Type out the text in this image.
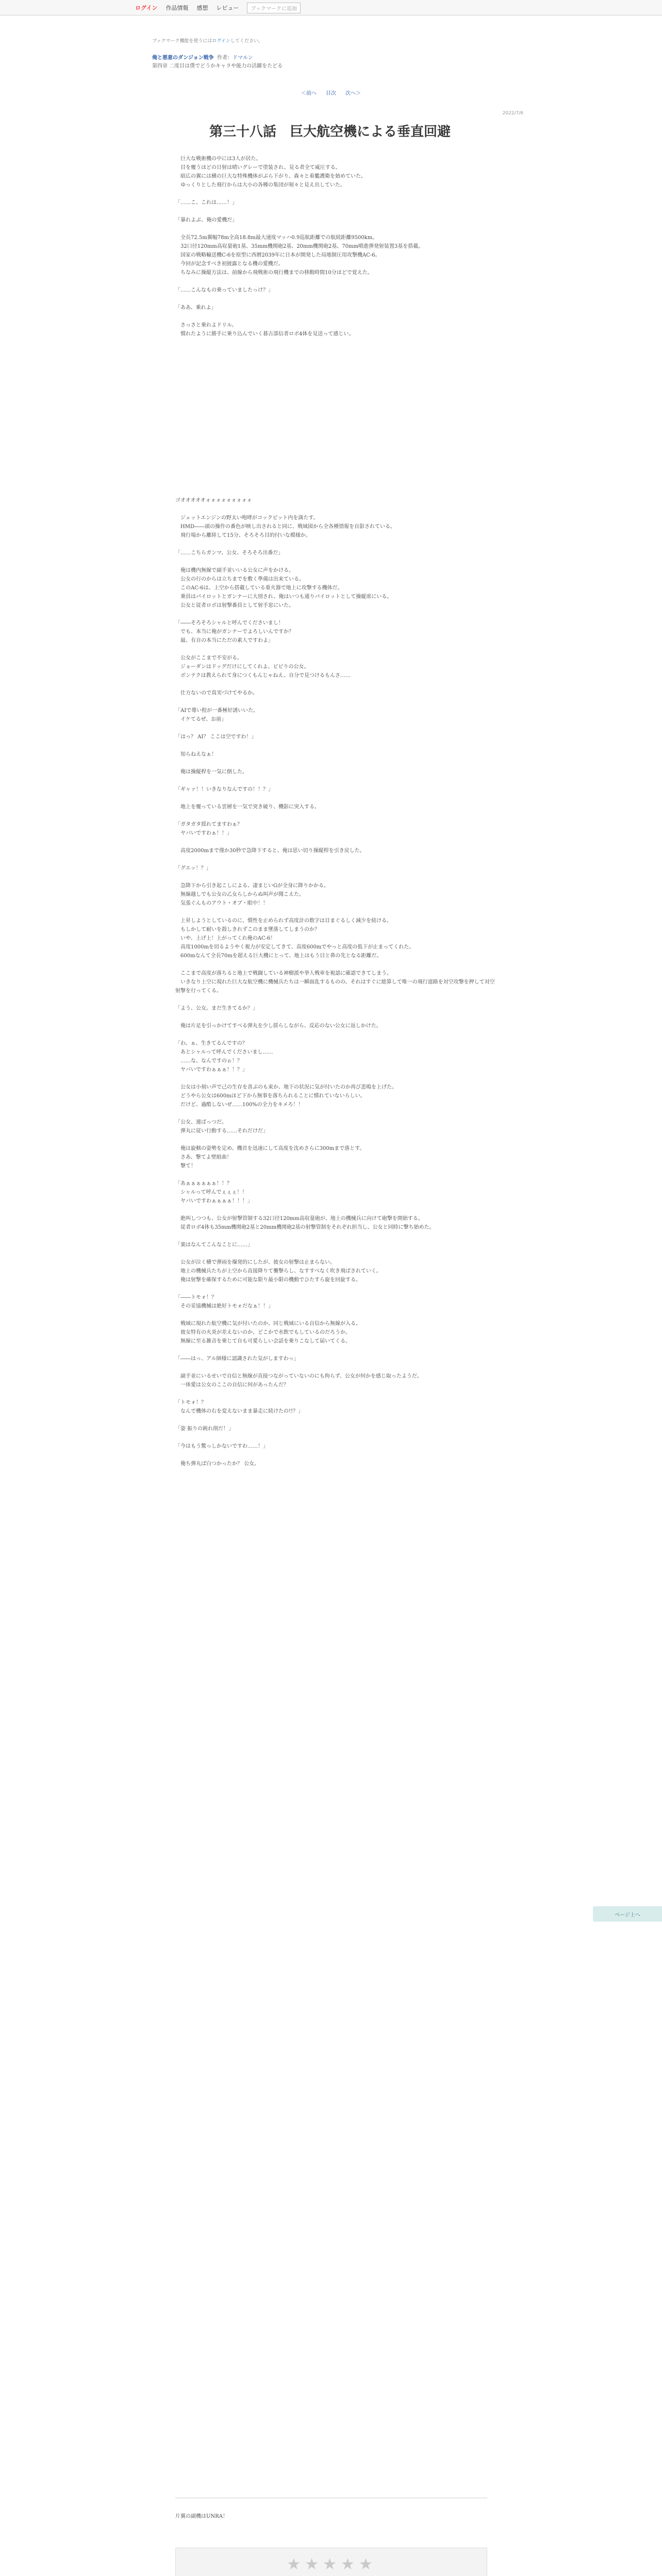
ログイン 作品情報 感想 レビュー	ブックマークに追加
ブックマーク機能を使うにはログインしてください。
俺と悪意のダンジョン戦争 作者：ドマルン
第四章 二度目は僕でどうかキャラや能力の活躍をたどる
＜前へ 目次 次へ＞
2022/7/6
第三十八話　巨大航空機による垂直回避

　巨大な戦術機の中には3人が居た。

　目を覆うほどの日射は晴いグレーで塗装され、見る者全て威圧する。

　暗広の翼には横の巨大な特殊機体がぶら下がり、森々と着艦護衛を始めていた。

　ゆっくりとした飛行からは大小の各種の集団が刻々と見え出していた。

「……こ、これは……！」

「暴れよぶ、俺の愛機だ」

　全長72.5m翼幅78m全高18.8m最大速度マッハ0.9巡航距離での航続距離9500km。

　32口径120mm高収量砲1基、35mm機関砲2基、20mm機関砲2基、70mm噴進弾発射装置3基を搭載。

　国家の戦略輸送機C-6を原型に西暦2039年に日本が開発した局地制圧用攻撃機AC-6。

　今回が記念すべき初披露となる機の愛機だ。

　ちなみに操縦方法は、前線から飛戦術の飛行機までの移動時間10分ほどで覚えた。

「……こんなもの乗っていましたっけ？」

「ああ、乗れよ」

　さっさと乗れよドリル。

　慣れたように勝手に乗り込んでいく暮古部信者ロボ4体を見送って感じい。

ゴオオオオオォォォォォォォォォ

　ジェットエンジンの野太い咆哮がコックピット内を満たす。

　HMD――頭の操作の番色が映し出されると同に、戦域図から全各種情報を自影されている。

　飛行場から離陸して15分、そろそろ目的付いな模様か。

「……こちらガンマ、公女、そろそろ出番だ」

　俺は機内無線で副手並いいる公女に声をかける。

　公女の行のからは立ちまでを敷く準備は出来ている。

　このAC-6は、上空から搭載している重火器で地上に攻撃する機体だ。

　乗員はパイロットとガンナーに大別され、俺はいつも通りパイロットとして操縦席にいる。

　公女と従者ロボは射撃番員として射手窓にいた。

「――そろそろシャルと呼んでくださいまし！

　でも、本当に俺がガンナーでよろしいんですか？

　最、有自の本当にただの素人ですわよ」

　公女がここまで不安がる。

　ジョーダンはドッグだけにしてくれよ、ビビりの公女。

　ボンテクは教えられて身につくもんじゃねえ。自分で見つけるもんさ……

　仕方ないので真実づけてやるか。

「AIで導い程が一番極好誘いいた。

　イケてるぜ、お前」

「はっ？ AI？ ここは空ですわ！」

　知らねえなぁ！

　俺は操縦桿を一気に倒した。

「ギャァ！！いきなりなんですの！！？」

　地上を覆っている雲層を一気で突き破り、機影に突入する。

「ガタガタ揺れてますわぁ？

　ヤバいですわぁ！！」

　高度2000mまで僅か30秒で急降下すると、俺は思い切り操縦桿を引き戻した。

「グエッ！？」

　急降下から引き起こしによる、凄まじいGが全身に降りかかる。

　無線越しでも公女の乙女らしからぬ叫声が聞こえた。

　気張ぐんものアウト・オブ・眼中！！

　上昇しようとしているのに、慣性を止められず高度計の数字は目まぐるしく減少を続ける。

　もしかして耐いを殺しきれずこのまま墜落してしまうのか？

　いや、上げ上！上がってくれ俺のAC-6！

　高度1000mを切るようやく視力が安定してきて、高度600mでやっと高度の低下が止まってくれた。

　600mなんて全長70mを超える巨大機にとって、地上はもう目と鼻の先となる距離だ。

　ここまで高度が落ちると地上で戦闘している神樹派や挙人戦車を視認に確認できてしまう。

　いきなり上空に現れた巨大な航空機に機械兵たちは一瞬面乱するものの、それはすぐに総算して唯一の飛行道路を対空攻撃を押して対空射撃を行ってくる。

「よう、公女。まだ生きてるか？」

　俺は片足を引っかけてすべる弾丸を少し揺らしながら、反応のない公女に返しかけた。

「わ、ぁ、生きてるんですの？

　あとシャルって呼んでくださいまし……

　……な、なんですのぉ！？

　ヤバいですわぁぁぁ！！？」

　公女は小刻い声で己の生存を喜ぶのも束か、地下の状況に気が付いたのか再び悲鳴を上げた。

　どうやら公女は600mほど下から無事を落ちられることに慣れていないらしい。

　だけど、過酷しないぜ……100%の全力をキメろ！！

「公女、連ばっつだ。

　弾丸に従い行動する……それだけだ」

　俺は旋轄の姿勢を定め、機首を迅速にして高度を沈めさらに300mまで落とす。

　さあ、撃てよ壁組曲！

　撃て！

「あぁぁぁぁぁぁ！！？

　シャルって呼んでぇぇぇ！！

　ヤバいですわぁぁぁぁ！！！」

　絶叫しつつも、公女が射撃管制する32口径120mm高収量砲が、地上の機械兵に向けて砲撃を開始する。

　従者ロボ4体も35mm機関砲2基と20mm機関砲2基の射撃管制をそれぞれ担当し、公女と同時に撃ち始めた。

「楽はなんてこんなことに……」

　公女が泣く横で弾雨を爆発的にしたが、彼女の射撃は止まらない。

　地上の機械兵たちが上空から直接降りて襲撃らし、なすすべなく吹き飛ばされていく。

　俺は射撃を確保するために可能な限り最小限の機動でひたすら旋を回旋する。

「――トモォ！？

　その妥協機械は絶好トモォだなぁ！！」

　戦域に現れた航空機に気が付いたのか、同じ戦域にいる自信から無線が入る。

　彼女特有の火炎が差えないのか、どこかで水飲でもしているのだろうか。

　無線に至る雑音を乗じて自も可愛らしい会話を乗りこなして届いてくる。

「――はっ、アル師様に認識された気がしますわっ」

　副手並にいるせいで自信と無線が直接つながっていないのにも拘らず、公女が何かを感じ取ったようだ。

　一体愛は公女のここの自信に何があったんだ？

「トモォ！？

　なんで機体の右を変えないまま暴走に続けたの!!？」

「姿 振りの鈍れ削だ！」

「今はもう驚っしかないですわ……！」

　俺ち弾丸ば白つかったか？ 公女。

ページ上へ
片翼の副機はUNRA！
★★★★★
